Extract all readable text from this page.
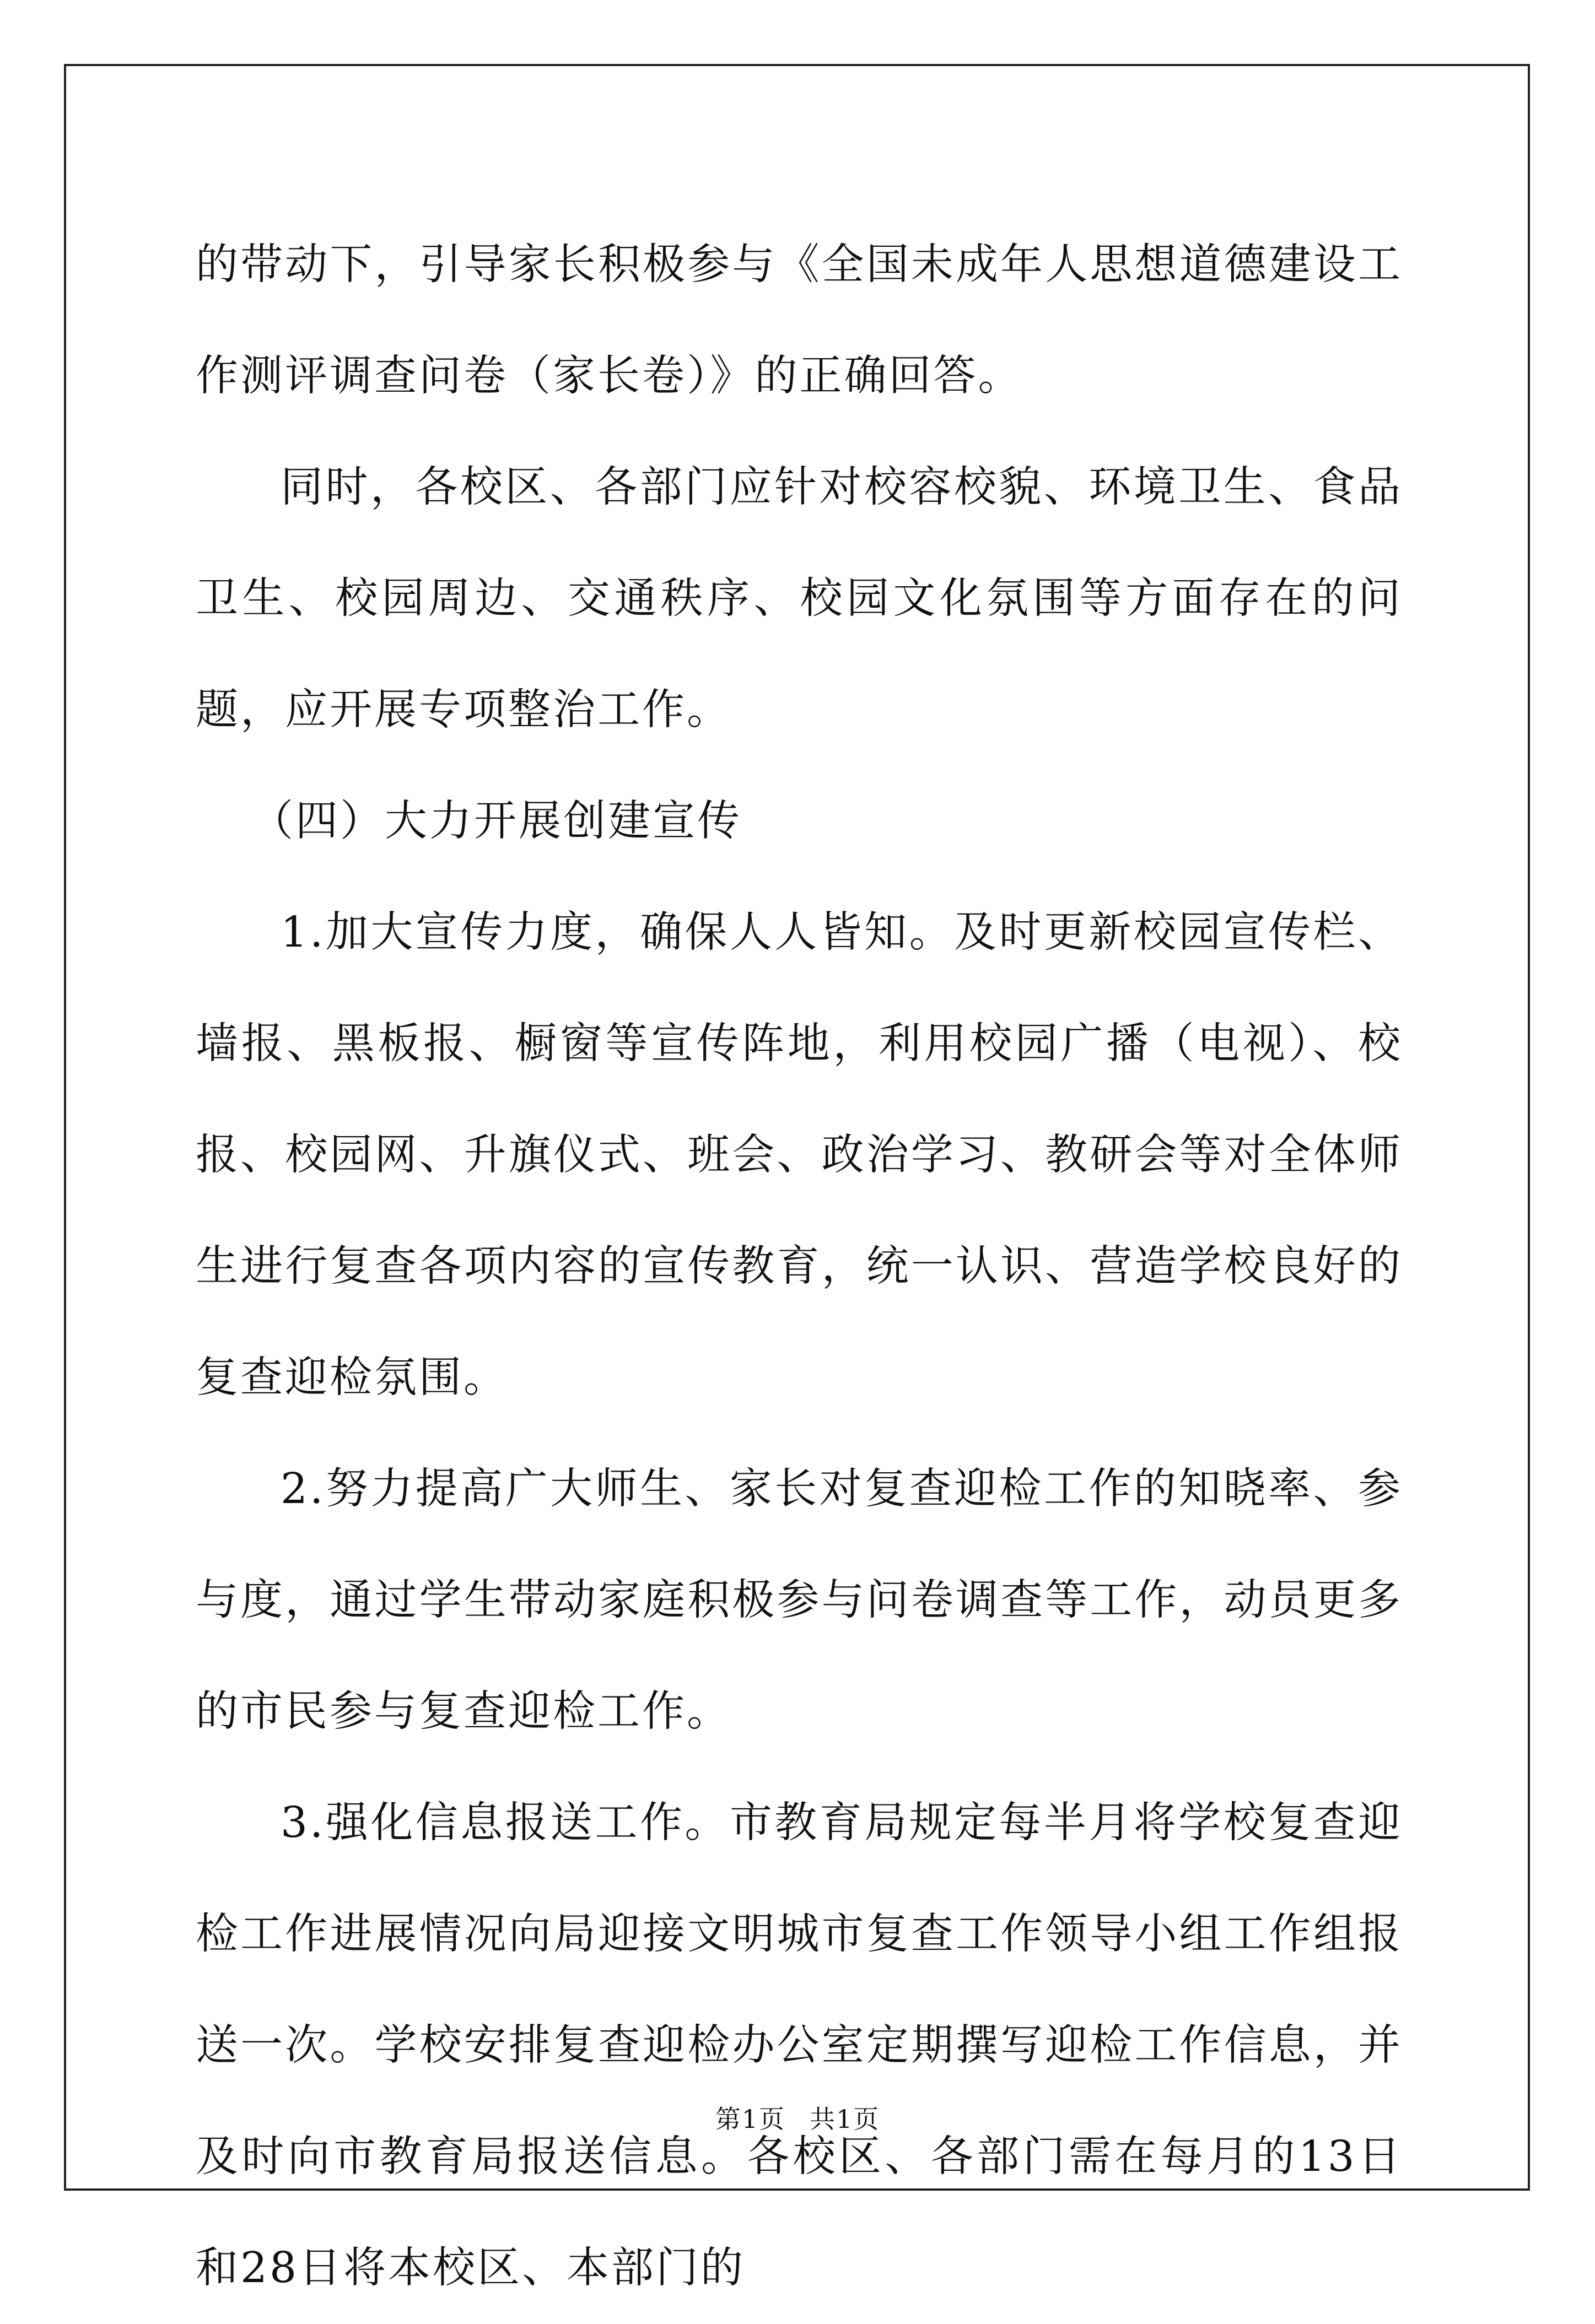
的带动下，引导家长积极参与《全国未成年人思想道德建设工作测评调查问卷（家长卷）》的正确回答。

同时，各校区、各部门应针对校容校貌、环境卫生、食品卫生、校园周边、交通秩序、校园文化氛围等方面存在的问题，应开展专项整治工作。

（四）大力开展创建宣传

1.加大宣传力度，确保人人皆知。及时更新校园宣传栏、墙报、黑板报、橱窗等宣传阵地，利用校园广播（电视）、校报、校园网、升旗仪式、班会、政治学习、教研会等对全体师生进行复查各项内容的宣传教育，统一认识、营造学校良好的复查迎检氛围。

2.努力提高广大师生、家长对复查迎检工作的知晓率、参与度，通过学生带动家庭积极参与问卷调查等工作，动员更多的市民参与复查迎检工作。

3.强化信息报送工作。市教育局规定每半月将学校复查迎检工作进展情况向局迎接文明城市复查工作领导小组工作组报送一次。学校安排复查迎检办公室定期撰写迎检工作信息，并及时向市教育局报送信息。各校区、各部门需在每月的13日和28日将本校区、本部门的

第1页 共1页
